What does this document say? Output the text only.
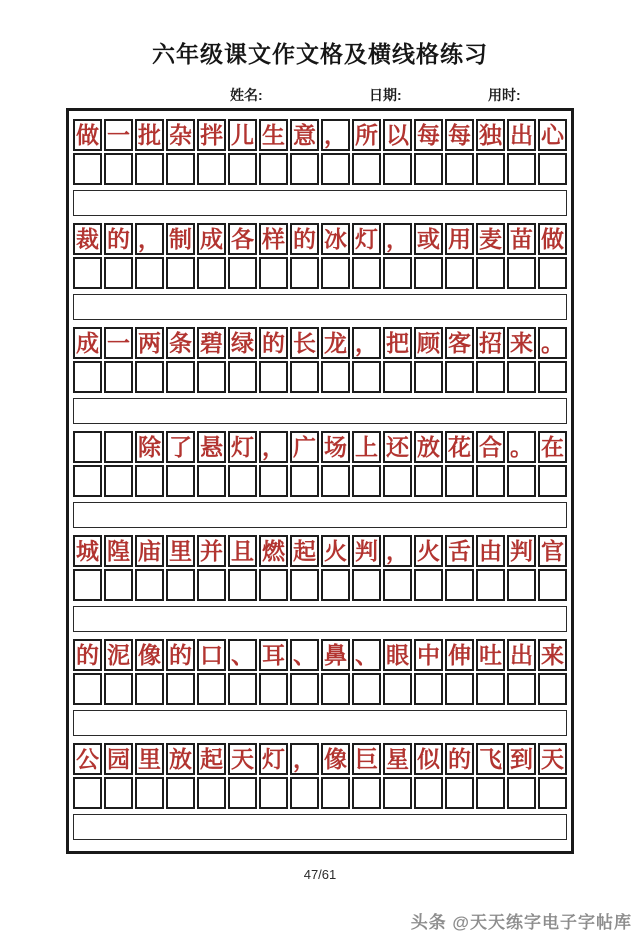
六年级课文作文格及横线格练习
姓名:	日期:	用时:
做 一 批 杂 拌 儿 生 意 ， 所 以 每 每 独 出 心
裁 的 ， 制 成 各 样 的 冰 灯 ， 或 用 麦 苗 做
成 一 两 条 碧 绿 的 长 龙 ， 把 顾 客 招 来 。
除 了 悬 灯 ， 广 场 上 还 放 花 合 。 在
城 隍 庙 里 并 且 燃 起 火 判 ， 火 舌 由 判 官
的 泥 像 的 口 、 耳 、 鼻 、 眼 中 伸 吐 出 来
公 园 里 放 起 天 灯 ， 像 巨 星 似 的 飞 到 天
47/61
头条 @天天练字电子字帖库
